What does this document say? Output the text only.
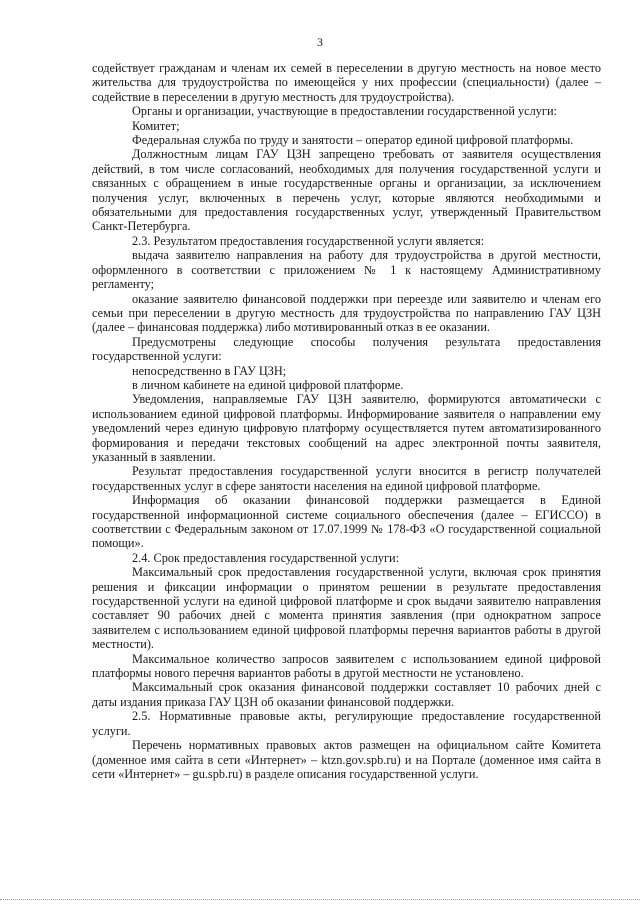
3

содействует гражданам и членам их семей в переселении в другую местность на новое место жительства для трудоустройства по имеющейся у них профессии (специальности) (далее – содействие в переселении в другую местность для трудоустройства).

Органы и организации, участвующие в предоставлении государственной услуги:

Комитет;

Федеральная служба по труду и занятости – оператор единой цифровой платформы.

Должностным лицам ГАУ ЦЗН запрещено требовать от заявителя осуществления действий, в том числе согласований, необходимых для получения государственной услуги и связанных с обращением в иные государственные органы и организации, за исключением получения услуг, включенных в перечень услуг, которые являются необходимыми и обязательными для предоставления государственных услуг, утвержденный Правительством Санкт-Петербурга.

2.3. Результатом предоставления государственной услуги является:

выдача заявителю направления на работу для трудоустройства в другой местности, оформленного в соответствии с приложением № 1 к настоящему Административному регламенту;

оказание заявителю финансовой поддержки при переезде или заявителю и членам его семьи при переселении в другую местность для трудоустройства по направлению ГАУ ЦЗН (далее – финансовая поддержка) либо мотивированный отказ в ее оказании.

Предусмотрены следующие способы получения результата предоставления государственной услуги:

непосредственно в ГАУ ЦЗН;

в личном кабинете на единой цифровой платформе.

Уведомления, направляемые ГАУ ЦЗН заявителю, формируются автоматически с использованием единой цифровой платформы. Информирование заявителя о направлении ему уведомлений через единую цифровую платформу осуществляется путем автоматизированного формирования и передачи текстовых сообщений на адрес электронной почты заявителя, указанный в заявлении.

Результат предоставления государственной услуги вносится в регистр получателей государственных услуг в сфере занятости населения на единой цифровой платформе.

Информация об оказании финансовой поддержки размещается в Единой государственной информационной системе социального обеспечения (далее – ЕГИССО) в соответствии с Федеральным законом от 17.07.1999 № 178-ФЗ «О государственной социальной помощи».

2.4. Срок предоставления государственной услуги:

Максимальный срок предоставления государственной услуги, включая срок принятия решения и фиксации информации о принятом решении в результате предоставления государственной услуги на единой цифровой платформе и срок выдачи заявителю направления составляет 90 рабочих дней с момента принятия заявления (при однократном запросе заявителем с использованием единой цифровой платформы перечня вариантов работы в другой местности).

Максимальное количество запросов заявителем с использованием единой цифровой платформы нового перечня вариантов работы в другой местности не установлено.

Максимальный срок оказания финансовой поддержки составляет 10 рабочих дней с даты издания приказа ГАУ ЦЗН об оказании финансовой поддержки.

2.5. Нормативные правовые акты, регулирующие предоставление государственной услуги.

Перечень нормативных правовых актов размещен на официальном сайте Комитета (доменное имя сайта в сети «Интернет» – ktzn.gov.spb.ru) и на Портале (доменное имя сайта в сети «Интернет» – gu.spb.ru) в разделе описания государственной услуги.
